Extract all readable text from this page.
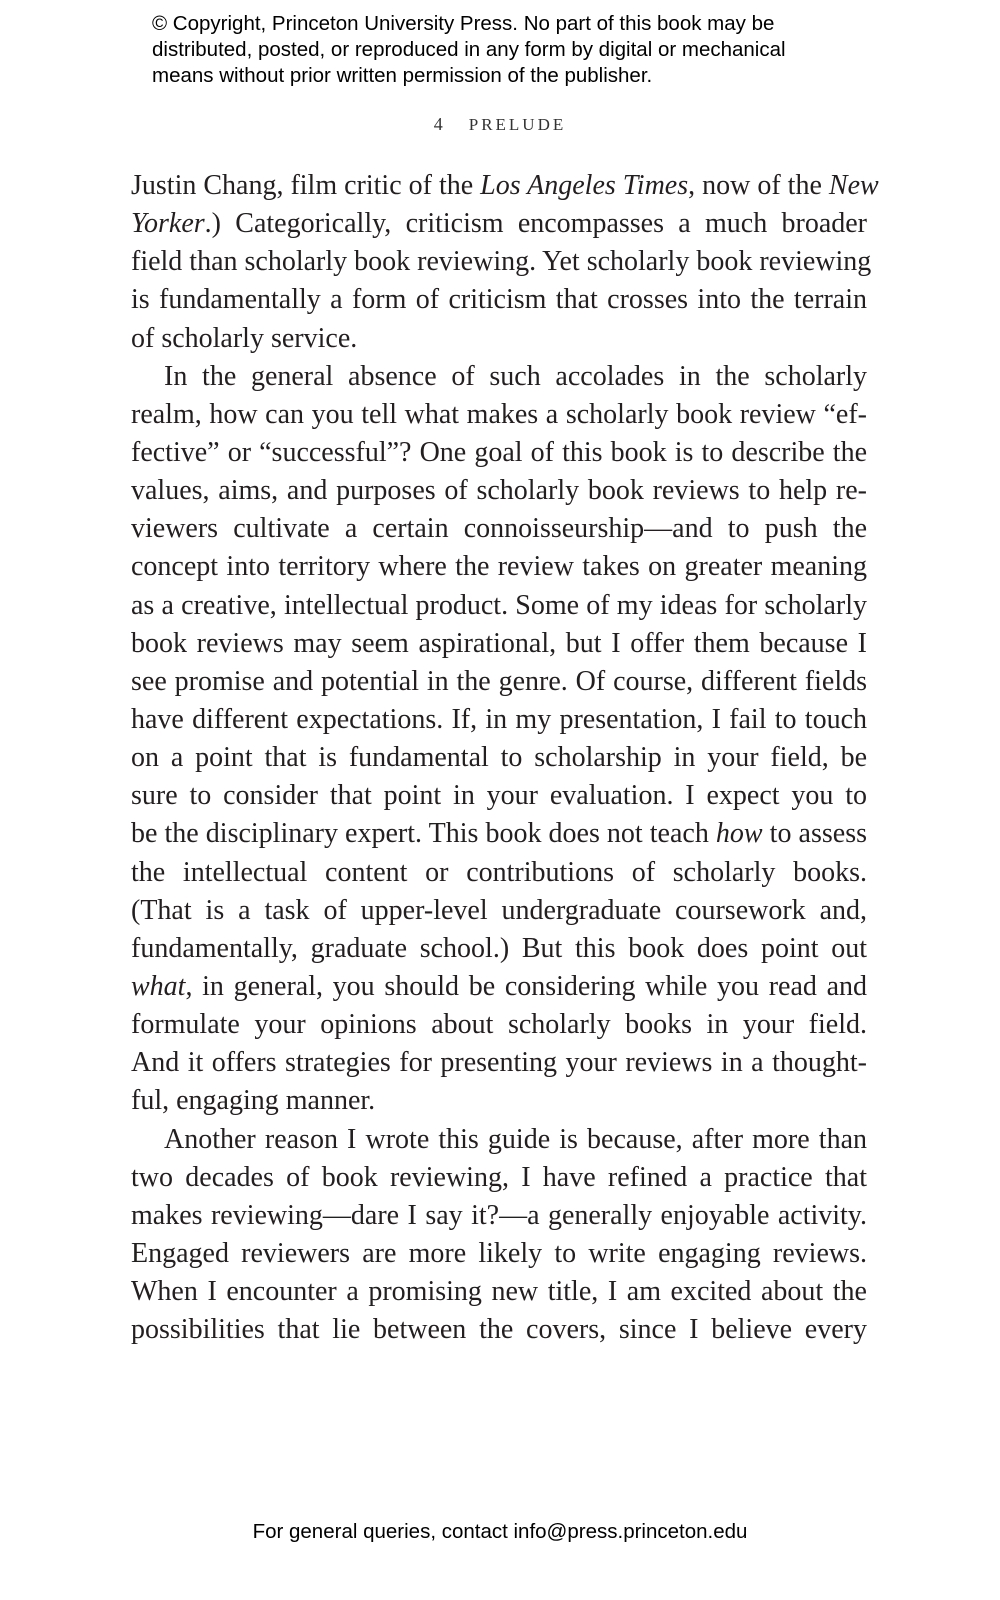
© Copyright, Princeton University Press. No part of this book may be
distributed, posted, or reproduced in any form by digital or mechanical
means without prior written permission of the publisher.
4 PRELUDE
Justin Chang, film critic of the Los Angeles Times, now of the New
Yorker.) Categorically, criticism encompasses a much broader
field than scholarly book reviewing. Yet scholarly book reviewing
is fundamentally a form of criticism that crosses into the terrain
of scholarly service.
In the general absence of such accolades in the scholarly
realm, how can you tell what makes a scholarly book review “ef-
fective” or “successful”? One goal of this book is to describe the
values, aims, and purposes of scholarly book reviews to help re-
viewers cultivate a certain connoisseurship—and to push the
concept into territory where the review takes on greater meaning
as a creative, intellectual product. Some of my ideas for scholarly
book reviews may seem aspirational, but I offer them because I
see promise and potential in the genre. Of course, different fields
have different expectations. If, in my presentation, I fail to touch
on a point that is fundamental to scholarship in your field, be
sure to consider that point in your evaluation. I expect you to
be the disciplinary expert. This book does not teach how to assess
the intellectual content or contributions of scholarly books.
(That is a task of upper-level undergraduate coursework and,
fundamentally, graduate school.) But this book does point out
what, in general, you should be considering while you read and
formulate your opinions about scholarly books in your field.
And it offers strategies for presenting your reviews in a thought-
ful, engaging manner.
Another reason I wrote this guide is because, after more than
two decades of book reviewing, I have refined a practice that
makes reviewing—dare I say it?—a generally enjoyable activity.
Engaged reviewers are more likely to write engaging reviews.
When I encounter a promising new title, I am excited about the
possibilities that lie between the covers, since I believe every
For general queries, contact info@press.princeton.edu
